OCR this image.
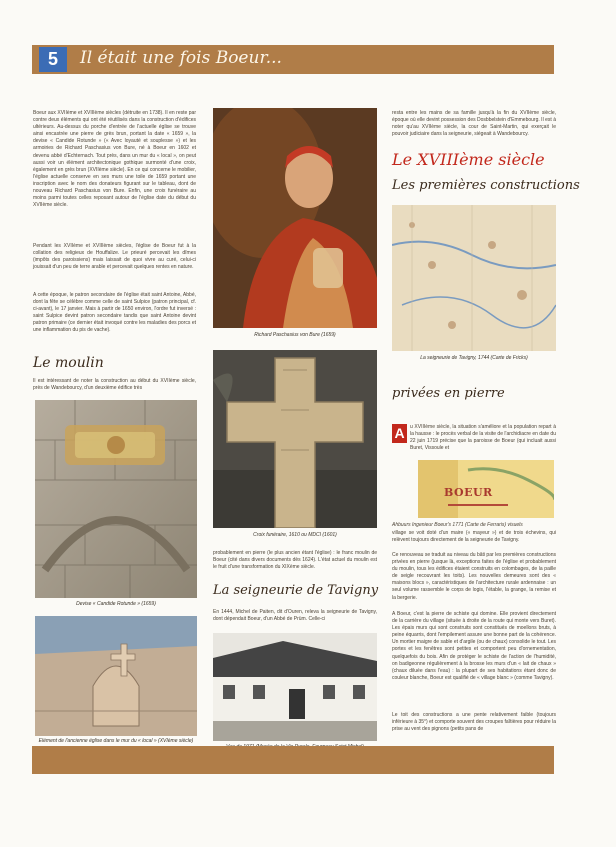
5	Il était une fois Boeur...

Boeur aux XVIIème et XVIIIème siècles (détruite en 1738). Il en reste par contre deux éléments qui ont été réutilisés dans la construction d'édifices ultérieurs. Au-dessus du porche d'entrée de l'actuelle église se trouve ainsi encastrée une pierre de grès brun, portant la date « 1659 », la devise « Candide Rotunde » (« Avec loyauté et souplesse ») et les armoiries de Richard Paschasius von Bure, né à Boeur en 1602 et devenu abbé d'Echternach. Tout près, dans un mur du « local », on peut aussi voir un élément architectonique gothique surmonté d'une croix, également en grès brun (XVIIème siècle). En ce qui concerne le mobilier, l'église actuelle conserve en ses murs une toile de 1659 portant une inscription avec le nom des donateurs figurant sur le tableau, dont de nouveau Richard Paschasius von Bure. Enfin, une croix funéraire au moins parmi toutes celles reposant autour de l'église date du début du XVIIème siècle.

Pendant les XVIIème et XVIIIème siècles, l'église de Boeur fut à la collation des religieux de Houffalize. Le prieuré percevait les dîmes (impôts des paroissiens) mais laissait de quoi vivre au curé, celui-ci jouissait d'un peu de terre arable et percevait quelques rentes en nature.

A cette époque, le patron secondaire de l'église était saint Antoine, Abbé, dont la fête se célèbre comme celle de saint Sulpice (patron principal, cf. ci-avant), le 17 janvier. Mais à partir de 1650 environ, l'ordre fut inversé : saint Sulpice devint patron secondaire tandis que saint Antoine devint patron primaire (ce dernier était invoqué contre les maladies des porcs et une inflammation du pis de vache).

Le moulin

Il est intéressant de noter la construction au début du XVIIème siècle, près de Wandebourcy, d'un deuxième édifice très

Devise « Candide Rotunde » (1659)
Elément de l'ancienne église dans le mur du « local » (XVIème siècle)
Richard Paschasius von Bure (1659)
Croix funéraire, 1610 ou MDCI (1601)

probablement en pierre (le plus ancien étant l'église) : le franc moulin de Boeur (cité dans divers documents dès 1624). L'état actuel du moulin est le fruit d'une transformation du XIXème siècle.

La seigneurie de Tavigny

En 1444, Michel de Paiten, dit d'Ouren, releva la seigneurie de Tavigny, dont dépendait Boeur, d'un Abbé de Prüm. Celle-ci

resta entre les mains de sa famille jusqu'à la fin du XVIIème siècle, époque où elle devint possession des Dosbbelstein d'Emmebourg. Il est à noter qu'au XVIIème siècle, la cour de Saint-Martin, qui exerçait le pouvoir judiciaire dans la seigneurie, siégeait à Wandebourcy.

Le XVIIIème siècle
Les premières constructions
La seigneurie de Tavigny, 1744 (Carte de Fricks)
privées en pierre
A	u XVIIIème siècle, la situation s'améliore et la population repart à la hausse : le procès verbal de la visite de l'archidiacre en date du 22 juin 1719 précise que la paroisse de Boeur (qui incluait aussi Buret, Vissoule et

BOEUR

Ahbuurs Ingenieur Boeur's 1771 (Carte de Ferraris) visuels

village se voit doté d'un maire (« mayeur ») et de trois échevins, qui relèvent toujours directement de la seigneurie de Tavigny.

Ce renouveau se traduit au niveau du bâti par les premières constructions privées en pierre (jusque là, exceptions faites de l'église et probablement du moulin, tous les édifices étaient construits en colombages, de la paille de seigle recouvrant les toits). Les nouvelles demeures sont des « maisons blocs », caractéristiques de l'architecture rurale ardennaise : un seul volume rassemble le corps de logis, l'étable, la grange, la remise et la bergerie.

A Boeur, c'est la pierre de schiste qui domine. Elle provient directement de la carrière du village (située à droite de la route qui monte vers Buret). Les épais murs qui sont construits sont constitués de moellons bruts, à peine équarris, dont l'empilement assure une bonne part de la cohérence. Un mortier maigre de sable et d'argile (ou de chaux) consolide le tout. Les portes et les fenêtres sont petites et comportent peu d'ornementation, quelquefois du bois. Afin de protéger le schiste de l'action de l'humidité, on badigeonne régulièrement à la brosse les murs d'un « lait de chaux » (chaux diluée dans l'eau) : la plupart de ses habitations étant donc de couleur blanche, Boeur est qualifié de « village blanc » (comme Tavigny).

Le toit des constructions a une pente relativement faible (toujours inférieure à 35°) et comporte souvent des croupes faîtières pour réduire la prise au vent des pignons (petits pans de
